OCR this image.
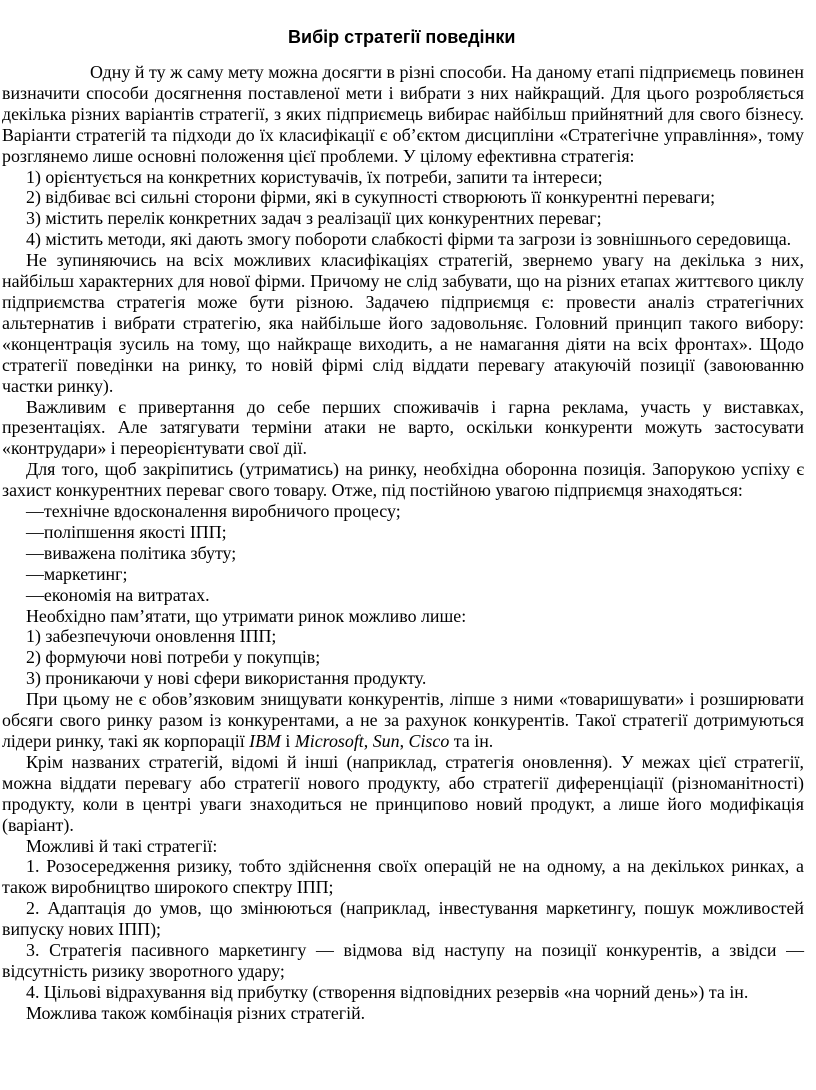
Вибір стратегії поведінки

Одну й ту ж саму мету можна досягти в різні способи. На даному етапі підприємець повинен визначити способи досягнення поставленої мети і вибрати з них найкращий. Для цього розробляється декілька різних варіантів стратегії, з яких підприємець вибирає найбільш прийнятний для свого бізнесу. Варіанти стратегій та підходи до їх класифікації є об’єктом дисципліни «Стратегічне управління», тому розглянемо лише основні положення цієї проблеми. У цілому ефективна стратегія:

1) орієнтується на конкретних користувачів, їх потреби, запити та інтереси;

2) відбиває всі сильні сторони фірми, які в сукупності створюють її конкурентні переваги;

3) містить перелік конкретних задач з реалізації цих конкурентних переваг;

4) містить методи, які дають змогу побороти слабкості фірми та загрози із зовнішнього середовища.

Не зупиняючись на всіх можливих класифікаціях стратегій, звернемо увагу на декілька з них, найбільш характерних для нової фірми. Причому не слід забувати, що на різних етапах життєвого циклу підприємства стратегія може бути різною. Задачею підприємця є: провести аналіз стратегічних альтернатив і вибрати стратегію, яка найбільше його задовольняє. Головний принцип такого вибору: «концентрація зусиль на тому, що найкраще виходить, а не намагання діяти на всіх фронтах». Щодо стратегії поведінки на ринку, то новій фірмі слід віддати перевагу атакуючій позиції (завоюванню частки ринку).

Важливим є привертання до себе перших споживачів і гарна реклама, участь у виставках, презентаціях. Але затягувати терміни атаки не варто, оскільки конкуренти можуть застосувати «контрудари» і переорієнтувати свої дії.

Для того, щоб закріпитись (утриматись) на ринку, необхідна оборонна позиція. Запорукою успіху є захист конкурентних переваг свого товару. Отже, під постійною увагою підприємця знаходяться:

—технічне вдосконалення виробничого процесу;

—поліпшення якості ІПП;

—виважена політика збуту;

—маркетинг;

—економія на витратах.

Необхідно пам’ятати, що утримати ринок можливо лише:

1) забезпечуючи оновлення ІПП;

2) формуючи нові потреби у покупців;

3) проникаючи у нові сфери використання продукту.

При цьому не є обов’язковим знищувати конкурентів, ліпше з ними «товаришувати» і розширювати обсяги свого ринку разом із конкурентами, а не за рахунок конкурентів. Такої стратегії дотримуються лідери ринку, такі як корпорації IBM і Microsoft, Sun, Cisco та ін.

Крім названих стратегій, відомі й інші (наприклад, стратегія оновлення). У межах цієї стратегії, можна віддати перевагу або стратегії нового продукту, або стратегії диференціації (різноманітності) продукту, коли в центрі уваги знаходиться не принципово новий продукт, а лише його модифікація (варіант).

Можливі й такі стратегії:

1. Розосередження ризику, тобто здійснення своїх операцій не на одному, а на декількох ринках, а також виробництво широкого спектру ІПП;

2. Адаптація до умов, що змінюються (наприклад, інвестування маркетингу, пошук можливостей випуску нових ІПП);

3. Стратегія пасивного маркетингу — відмова від наступу на позиції конкурентів, а звідси — відсутність ризику зворотного удару;

4. Цільові відрахування від прибутку (створення відповідних резервів «на чорний день») та ін.

Можлива також комбінація різних стратегій.
